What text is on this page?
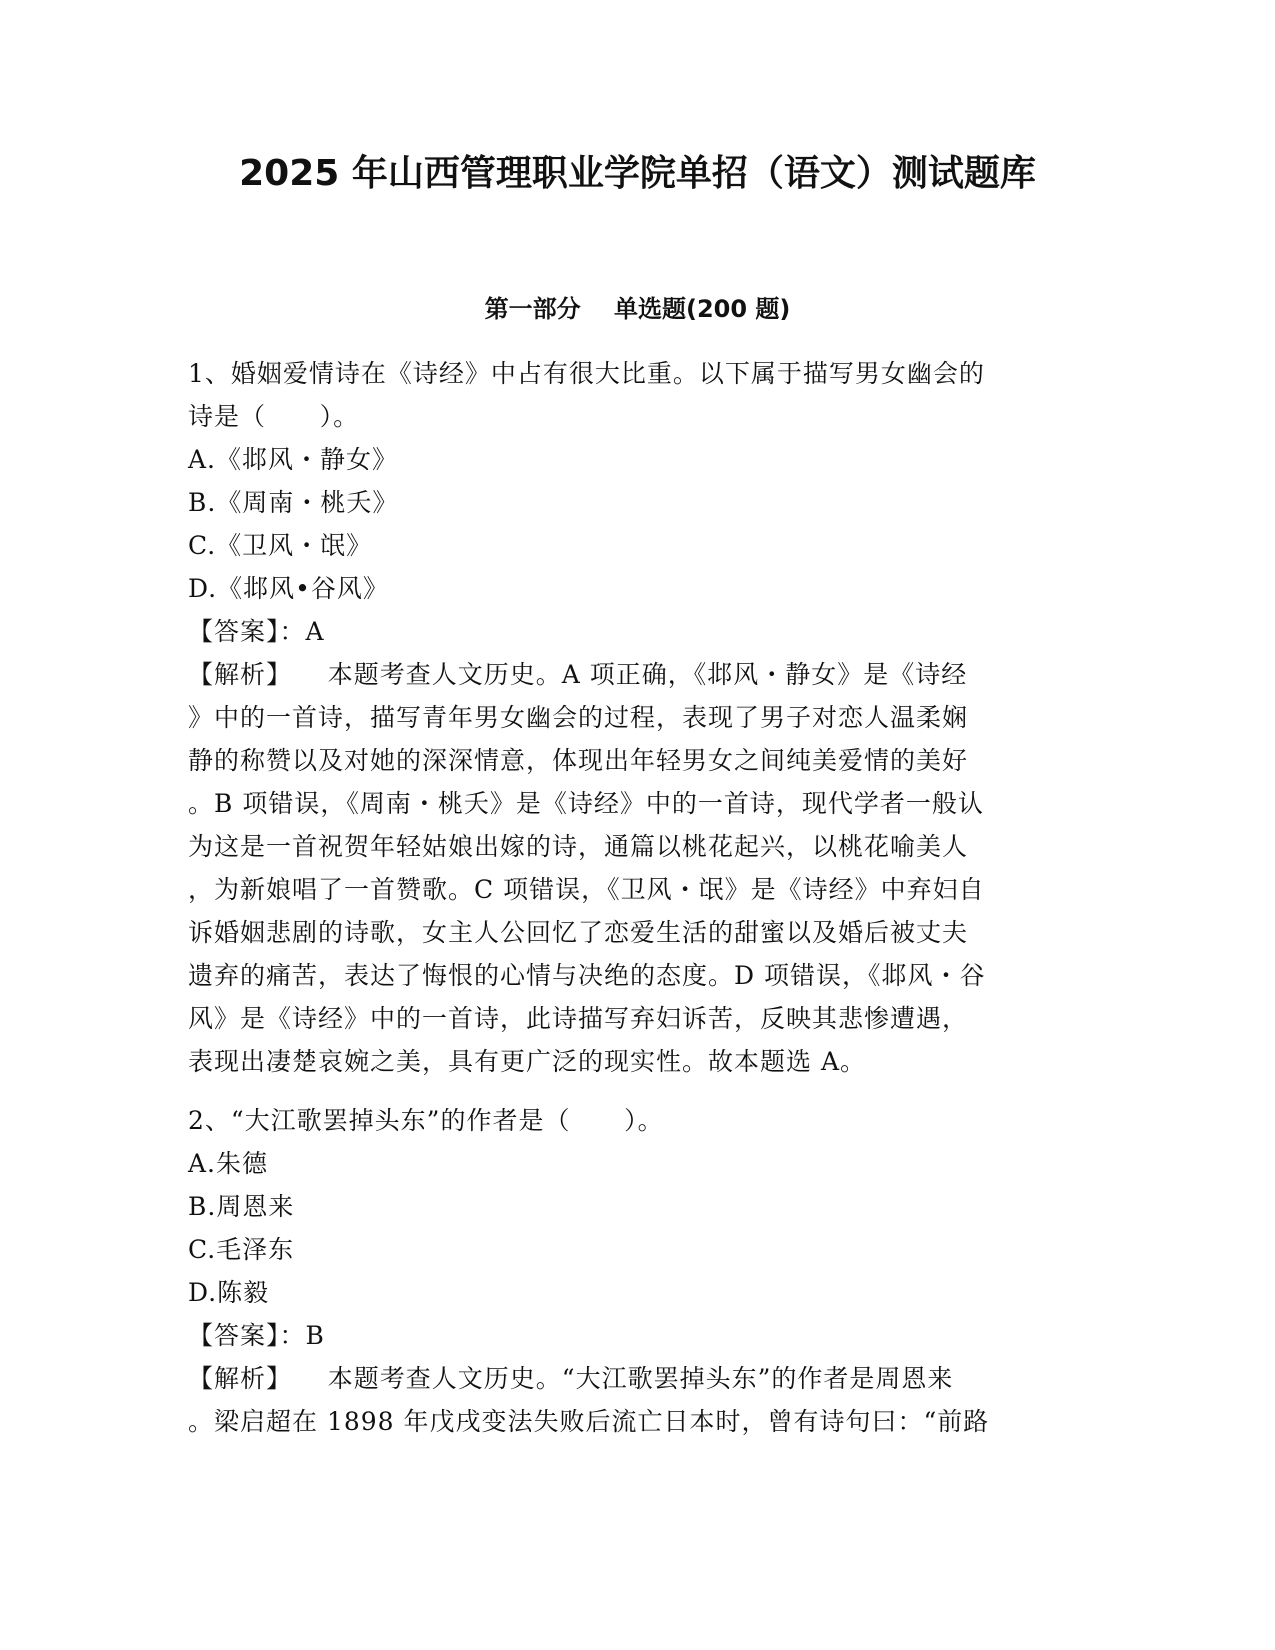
2025 年山西管理职业学院单招（语文）测试题库
第一部分    单选题(200 题)
1、婚姻爱情诗在《诗经》中占有很大比重。以下属于描写男女幽会的
诗是（      ）。
A.《邶风・静女》
B.《周南・桃夭》
C.《卫风・氓》
D.《邶风•谷风》
【答案】：A
【解析】    本题考查人文历史。A 项正确，《邶风・静女》是《诗经
》中的一首诗，描写青年男女幽会的过程，表现了男子对恋人温柔娴
静的称赞以及对她的深深情意，体现出年轻男女之间纯美爱情的美好
。B 项错误，《周南・桃夭》是《诗经》中的一首诗，现代学者一般认
为这是一首祝贺年轻姑娘出嫁的诗，通篇以桃花起兴，以桃花喻美人
，为新娘唱了一首赞歌。C 项错误，《卫风・氓》是《诗经》中弃妇自
诉婚姻悲剧的诗歌，女主人公回忆了恋爱生活的甜蜜以及婚后被丈夫
遗弃的痛苦，表达了悔恨的心情与决绝的态度。D 项错误，《邶风・谷
风》是《诗经》中的一首诗，此诗描写弃妇诉苦，反映其悲惨遭遇，
表现出凄楚哀婉之美，具有更广泛的现实性。故本题选 A。
2、“大江歌罢掉头东”的作者是（      ）。
A.朱德
B.周恩来
C.毛泽东
D.陈毅
【答案】：B
【解析】    本题考查人文历史。“大江歌罢掉头东”的作者是周恩来
。梁启超在 1898 年戊戌变法失败后流亡日本时，曾有诗句曰：“前路
